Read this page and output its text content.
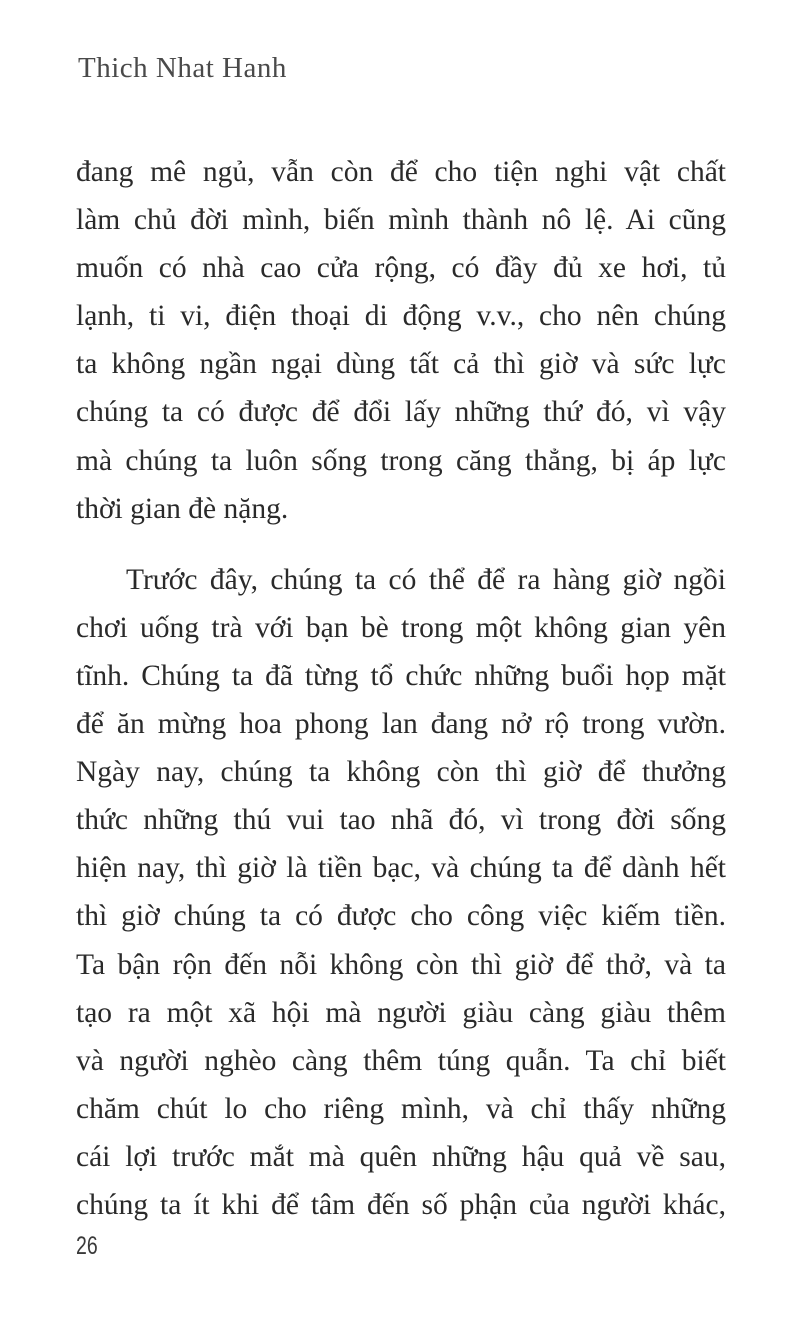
Thich Nhat Hanh
đang mê ngủ, vẫn còn để cho tiện nghi vật chất
làm chủ đời mình, biến mình thành nô lệ. Ai cũng
muốn có nhà cao cửa rộng, có đầy đủ xe hơi, tủ
lạnh, ti vi, điện thoại di động v.v., cho nên chúng
ta không ngần ngại dùng tất cả thì giờ và sức lực
chúng ta có được để đổi lấy những thứ đó, vì vậy
mà chúng ta luôn sống trong căng thẳng, bị áp lực
thời gian đè nặng.
Trước đây, chúng ta có thể để ra hàng giờ ngồi
chơi uống trà với bạn bè trong một không gian yên
tĩnh. Chúng ta đã từng tổ chức những buổi họp mặt
để ăn mừng hoa phong lan đang nở rộ trong vườn.
Ngày nay, chúng ta không còn thì giờ để thưởng
thức những thú vui tao nhã đó, vì trong đời sống
hiện nay, thì giờ là tiền bạc, và chúng ta để dành hết
thì giờ chúng ta có được cho công việc kiếm tiền.
Ta bận rộn đến nỗi không còn thì giờ để thở, và ta
tạo ra một xã hội mà người giàu càng giàu thêm
và người nghèo càng thêm túng quẫn. Ta chỉ biết
chăm chút lo cho riêng mình, và chỉ thấy những
cái lợi trước mắt mà quên những hậu quả về sau,
chúng ta ít khi để tâm đến số phận của người khác,
26
